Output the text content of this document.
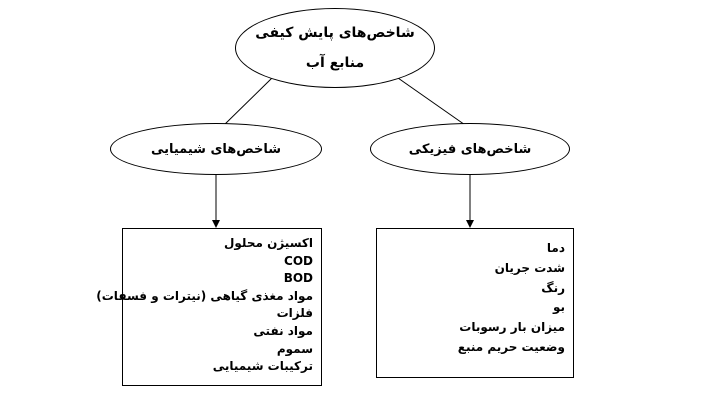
شاخص‌های پایش کیفی
منابع آب
شاخص‌های شیمیایی	شاخص‌های فیزیکی
اکسیژن محلول
COD
BOD
مواد مغذی گیاهی (نیترات و فسفات)
فلزات
مواد نفتی
سموم
ترکیبات شیمیایی
دما
شدت جریان
رنگ
بو
میزان بار رسوبات
وضعیت حریم منبع
